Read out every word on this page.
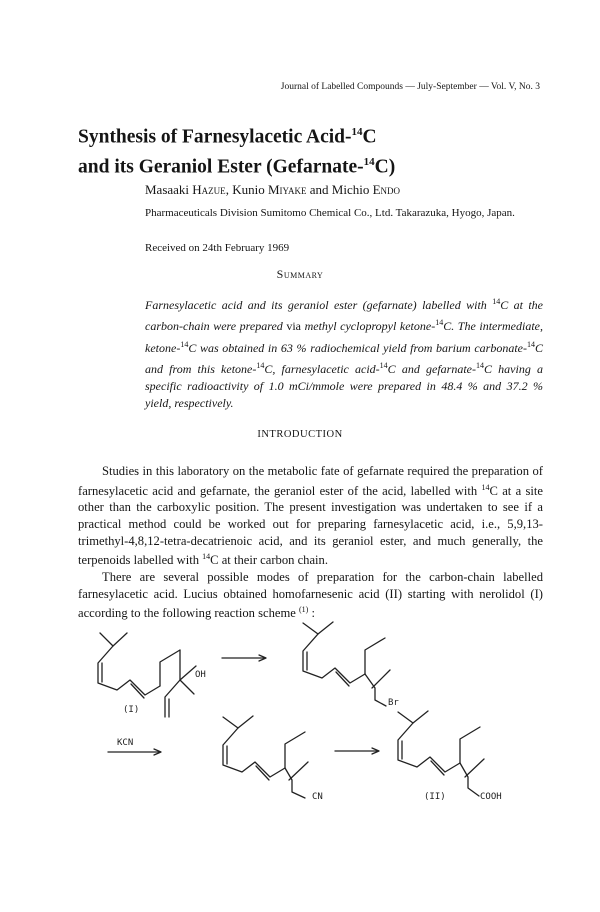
Journal of Labelled Compounds — July-September — Vol. V, No. 3
Synthesis of Farnesylacetic Acid-$^{14}$C
and its Geraniol Ester (Gefarnate-$^{14}$C)
Masaaki Hazue, Kunio Miyake and Michio Endo
Pharmaceuticals Division Sumitomo Chemical Co., Ltd. Takarazuka, Hyogo, Japan.
Received on 24th February 1969
Summary
Farnesylacetic acid and its geraniol ester (gefarnate) labelled with $^{14}$C at the carbon-chain were prepared via methyl cyclopropyl ketone-$^{14}$C. The intermediate, ketone-$^{14}$C was obtained in 63 % radiochemical yield from barium carbonate-$^{14}$C and from this ketone-$^{14}$C, farnesylacetic acid-$^{14}$C and gefarnate-$^{14}$C having a specific radioactivity of 1.0 mCi/mmole were prepared in 48.4 % and 37.2 % yield, respectively.
INTRODUCTION

Studies in this laboratory on the metabolic fate of gefarnate required the preparation of farnesylacetic acid and gefarnate, the geraniol ester of the acid, labelled with $^{14}$C at a site other than the carboxylic position. The present investigation was undertaken to see if a practical method could be worked out for preparing farnesylacetic acid, i.e., 5,9,13-trimethyl-4,8,12-tetra-decatrienoic acid, and its geraniol ester, and much generally, the terpenoids labelled with $^{14}$C at their carbon chain.

There are several possible modes of preparation for the carbon-chain labelled farnesylacetic acid. Lucius obtained homofarnesenic acid (II) starting with nerolidol (I) according to the following reaction scheme $^{(1)}$ :

OH
(I)
Br
KCN
CN	(II)	COOH
